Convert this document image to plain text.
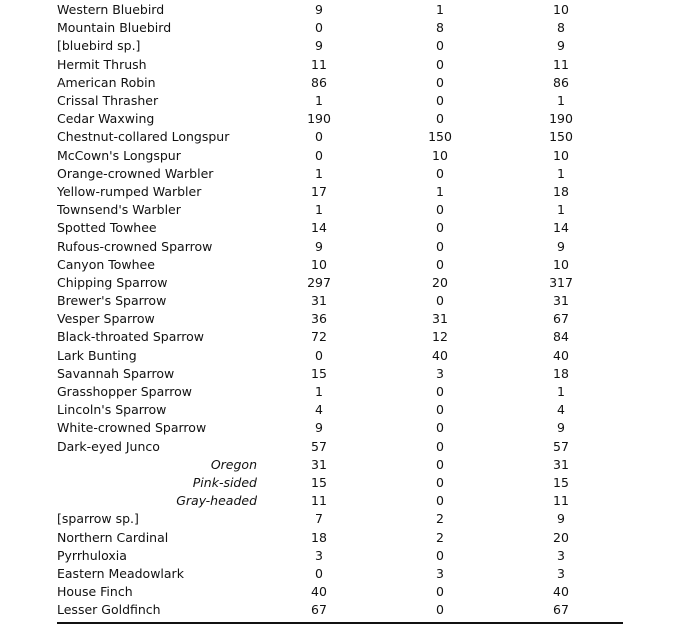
Western Bluebird	9	1	10
Mountain Bluebird	0	8	8
[bluebird sp.]	9	0	9
Hermit Thrush	11	0	11
American Robin	86	0	86
Crissal Thrasher	1	0	1
Cedar Waxwing	190	0	190
Chestnut-collared Longspur	0	150	150
McCown's Longspur	0	10	10
Orange-crowned Warbler	1	0	1
Yellow-rumped Warbler	17	1	18
Townsend's Warbler	1	0	1
Spotted Towhee	14	0	14
Rufous-crowned Sparrow	9	0	9
Canyon Towhee	10	0	10
Chipping Sparrow	297	20	317
Brewer's Sparrow	31	0	31
Vesper Sparrow	36	31	67
Black-throated Sparrow	72	12	84
Lark Bunting	0	40	40
Savannah Sparrow	15	3	18
Grasshopper Sparrow	1	0	1
Lincoln's Sparrow	4	0	4
White-crowned Sparrow	9	0	9
Dark-eyed Junco	57	0	57
Oregon	31	0	31
Pink-sided	15	0	15
Gray-headed	11	0	11
[sparrow sp.]	7	2	9
Northern Cardinal	18	2	20
Pyrrhuloxia	3	0	3
Eastern Meadowlark	0	3	3
House Finch	40	0	40
Lesser Goldfinch	67	0	67
